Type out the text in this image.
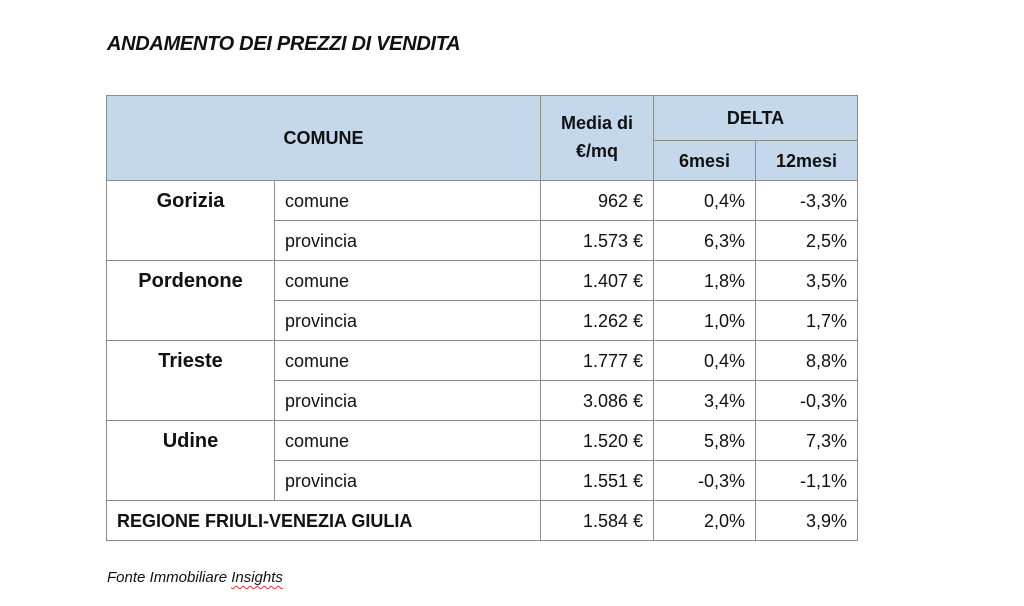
ANDAMENTO DEI PREZZI DI VENDITA
COMUNE		Media di €/mq	DELTA	
			6mesi	12mesi
Gorizia	comune	962 €	0,4%	-3,3%
	provincia	1.573 €	6,3%	2,5%
Pordenone	comune	1.407 €	1,8%	3,5%
	provincia	1.262 €	1,0%	1,7%
Trieste	comune	1.777 €	0,4%	8,8%
	provincia	3.086 €	3,4%	-0,3%
Udine	comune	1.520 €	5,8%	7,3%
	provincia	1.551 €	-0,3%	-1,1%
REGIONE FRIULI-VENEZIA GIULIA		1.584 €	2,0%	3,9%
Fonte Immobiliare Insights
